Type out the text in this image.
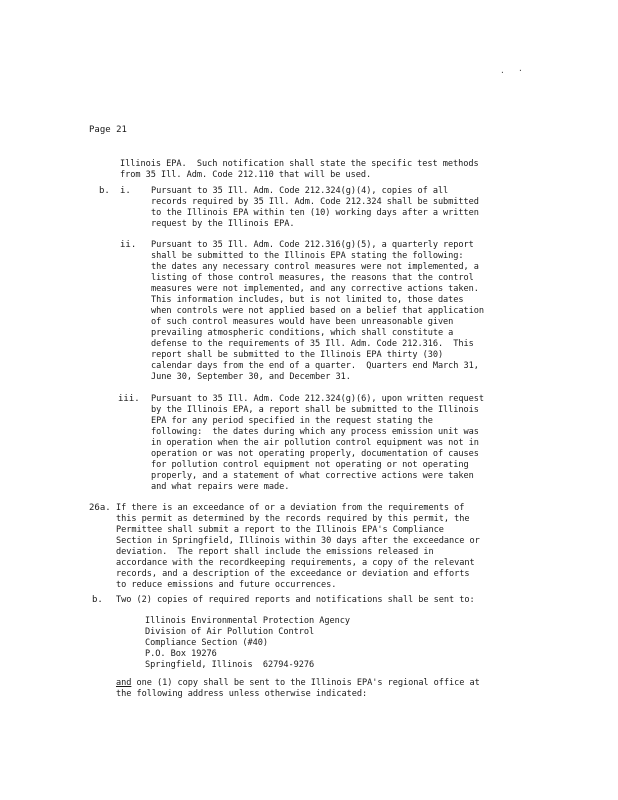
. .
Page 21
Illinois EPA.  Such notification shall state the specific test methods
from 35 Ill. Adm. Code 212.110 that will be used.
b. i. Pursuant to 35 Ill. Adm. Code 212.324(g)(4), copies of all
records required by 35 Ill. Adm. Code 212.324 shall be submitted
to the Illinois EPA within ten (10) working days after a written
request by the Illinois EPA.
ii. Pursuant to 35 Ill. Adm. Code 212.316(g)(5), a quarterly report
shall be submitted to the Illinois EPA stating the following:
the dates any necessary control measures were not implemented, a
listing of those control measures, the reasons that the control
measures were not implemented, and any corrective actions taken.
This information includes, but is not limited to, those dates
when controls were not applied based on a belief that application
of such control measures would have been unreasonable given
prevailing atmospheric conditions, which shall constitute a
defense to the requirements of 35 Ill. Adm. Code 212.316.  This
report shall be submitted to the Illinois EPA thirty (30)
calendar days from the end of a quarter.  Quarters end March 31,
June 30, September 30, and December 31.
iii. Pursuant to 35 Ill. Adm. Code 212.324(g)(6), upon written request
by the Illinois EPA, a report shall be submitted to the Illinois
EPA for any period specified in the request stating the
following:  the dates during which any process emission unit was
in operation when the air pollution control equipment was not in
operation or was not operating properly, documentation of causes
for pollution control equipment not operating or not operating
properly, and a statement of what corrective actions were taken
and what repairs were made.
26a. If there is an exceedance of or a deviation from the requirements of
this permit as determined by the records required by this permit, the
Permittee shall submit a report to the Illinois EPA's Compliance
Section in Springfield, Illinois within 30 days after the exceedance or
deviation.  The report shall include the emissions released in
accordance with the recordkeeping requirements, a copy of the relevant
records, and a description of the exceedance or deviation and efforts
to reduce emissions and future occurrences.
b. Two (2) copies of required reports and notifications shall be sent to:
Illinois Environmental Protection Agency
Division of Air Pollution Control
Compliance Section (#40)
P.O. Box 19276
Springfield, Illinois  62794-9276
and one (1) copy shall be sent to the Illinois EPA's regional office at
the following address unless otherwise indicated:
